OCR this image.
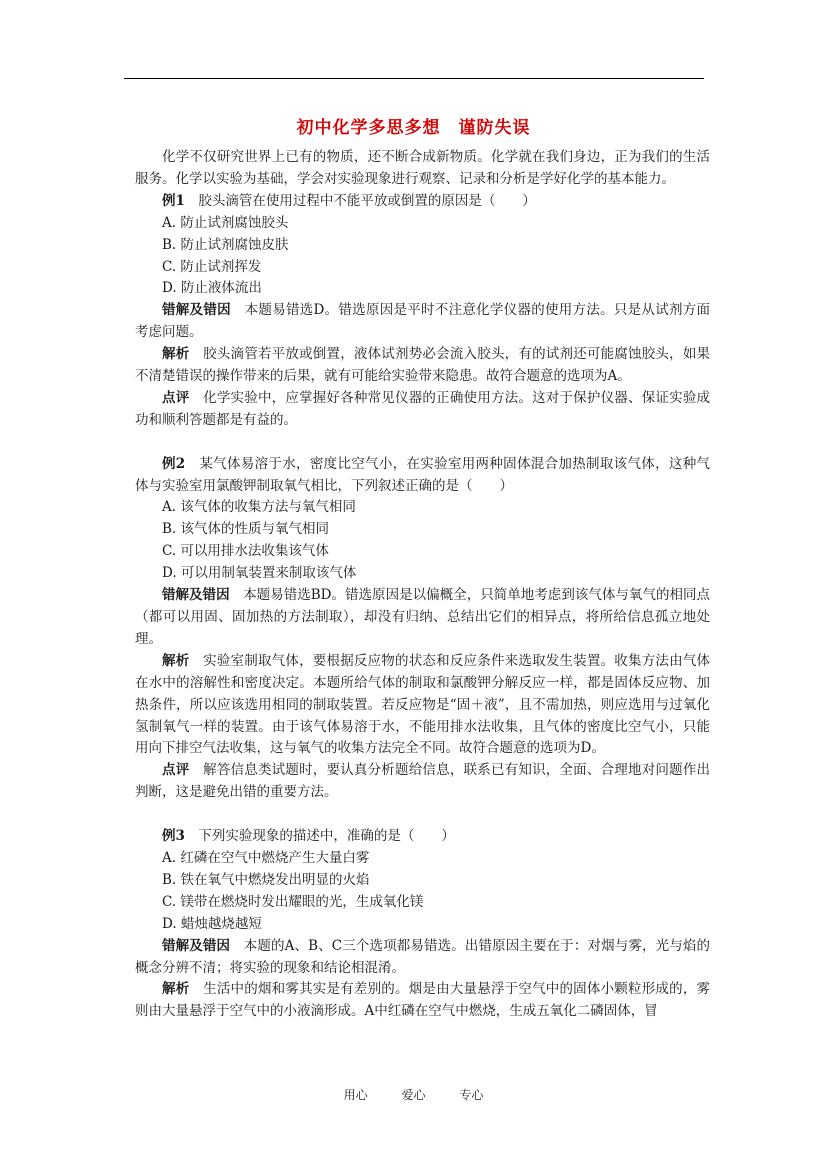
初中化学多思多想　谨防失误

化学不仅研究世界上已有的物质，还不断合成新物质。化学就在我们身边，正为我们的生活服务。化学以实验为基础，学会对实验现象进行观察、记录和分析是学好化学的基本能力。

例1　 胶头滴管在使用过程中不能平放或倒置的原因是（　　）

A. 防止试剂腐蚀胶头

B. 防止试剂腐蚀皮肤

C. 防止试剂挥发

D. 防止液体流出

错解及错因　 本题易错选D。错选原因是平时不注意化学仪器的使用方法。只是从试剂方面考虑问题。

解析　 胶头滴管若平放或倒置，液体试剂势必会流入胶头，有的试剂还可能腐蚀胶头，如果不清楚错误的操作带来的后果，就有可能给实验带来隐患。故符合题意的选项为A。

点评　 化学实验中，应掌握好各种常见仪器的正确使用方法。这对于保护仪器、保证实验成功和顺利答题都是有益的。

例2　 某气体易溶于水，密度比空气小，在实验室用两种固体混合加热制取该气体，这种气体与实验室用氯酸钾制取氧气相比，下列叙述正确的是（　　）

A. 该气体的收集方法与氧气相同

B. 该气体的性质与氧气相同

C. 可以用排水法收集该气体

D. 可以用制氧装置来制取该气体

错解及错因　 本题易错选BD。错选原因是以偏概全，只简单地考虑到该气体与氧气的相同点（都可以用固、固加热的方法制取），却没有归纳、总结出它们的相异点，将所给信息孤立地处理。

解析　 实验室制取气体，要根据反应物的状态和反应条件来选取发生装置。收集方法由气体在水中的溶解性和密度决定。本题所给气体的制取和氯酸钾分解反应一样，都是固体反应物、加热条件，所以应该选用相同的制取装置。若反应物是“固＋液”，且不需加热，则应选用与过氧化氢制氧气一样的装置。由于该气体易溶于水，不能用排水法收集，且气体的密度比空气小，只能用向下排空气法收集，这与氧气的收集方法完全不同。故符合题意的选项为D。

点评　 解答信息类试题时，要认真分析题给信息，联系已有知识，全面、合理地对问题作出判断，这是避免出错的重要方法。

例3　 下列实验现象的描述中，准确的是（　　）

A. 红磷在空气中燃烧产生大量白雾

B. 铁在氧气中燃烧发出明显的火焰

C. 镁带在燃烧时发出耀眼的光，生成氧化镁

D. 蜡烛越烧越短

错解及错因　 本题的A、B、C三个选项都易错选。出错原因主要在于：对烟与雾，光与焰的概念分辨不清；将实验的现象和结论相混淆。

解析　 生活中的烟和雾其实是有差别的。烟是由大量悬浮于空气中的固体小颗粒形成的，雾则由大量悬浮于空气中的小液滴形成。A中红磷在空气中燃烧，生成五氧化二磷固体，冒

用心	爱心	专心
